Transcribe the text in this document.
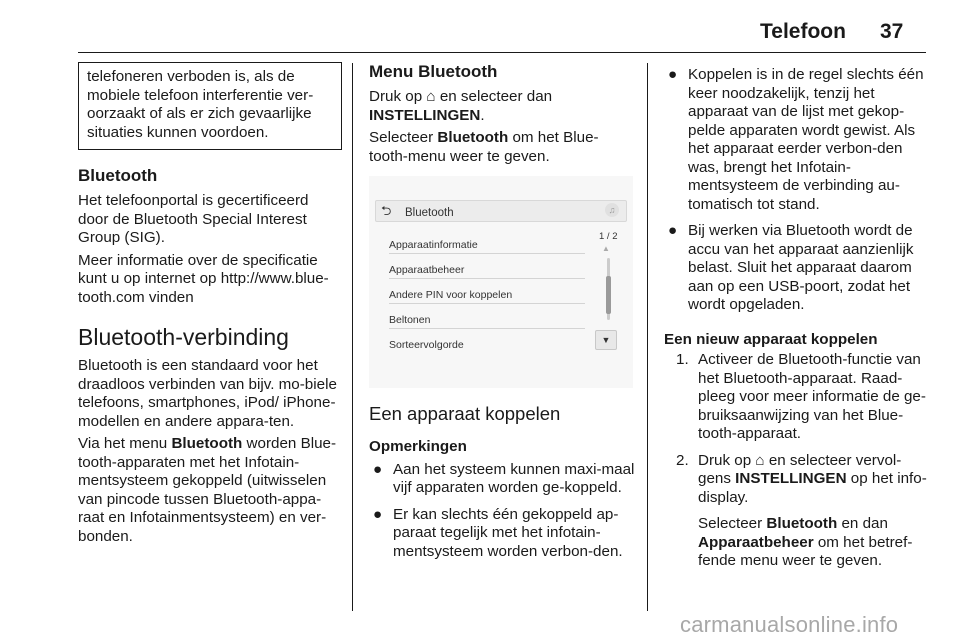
Telefoon 37

telefoneren verboden is, als de mobiele telefoon interferentie ver-oorzaakt of als er zich gevaarlijke situaties kunnen voordoen.

Bluetooth

Het telefoonportal is gecertificeerd door de Bluetooth Special Interest Group (SIG).

Meer informatie over de specificatie kunt u op internet op http://www.blue-tooth.com vinden

Bluetooth-verbinding

Bluetooth is een standaard voor het draadloos verbinden van bijv. mo-biele telefoons, smartphones, iPod/ iPhone-modellen en andere appara-ten.

Via het menu Bluetooth worden Blue-tooth-apparaten met het Infotain-mentsysteem gekoppeld (uitwisselen van pincode tussen Bluetooth-appa-raat en Infotainmentsysteem) en ver-bonden.

Menu Bluetooth

Druk op ⌂ en selecteer dan
INSTELLINGEN.

Selecteer Bluetooth om het Blue-tooth-menu weer te geven.

⮌	Bluetooth	♫
1 / 2
▲
▼
Apparaatinformatie
Apparaatbeheer
Andere PIN voor koppelen
Beltonen
Sorteervolgorde
Een apparaat koppelen

Opmerkingen

● Aan het systeem kunnen maxi-maal vijf apparaten worden ge-koppeld.
● Er kan slechts één gekoppeld ap-paraat tegelijk met het infotain-mentsysteem worden verbon-den.
● Koppelen is in de regel slechts één keer noodzakelijk, tenzij het apparaat van de lijst met gekop-pelde apparaten wordt gewist. Als het apparaat eerder verbon-den was, brengt het Infotain-mentsysteem de verbinding au-tomatisch tot stand.
● Bij werken via Bluetooth wordt de accu van het apparaat aanzienlijk belast. Sluit het apparaat daarom aan op een USB-poort, zodat het wordt opgeladen.

Een nieuw apparaat koppelen

1. Activeer de Bluetooth-functie van het Bluetooth-apparaat. Raad-pleeg voor meer informatie de ge-bruiksaanwijzing van het Blue-tooth-apparaat.
2. Druk op ⌂ en selecteer vervol-gens INSTELLINGEN op het info-display.

Selecteer Bluetooth en dan Apparaatbeheer om het betref-fende menu weer te geven.

carmanualsonline.info
